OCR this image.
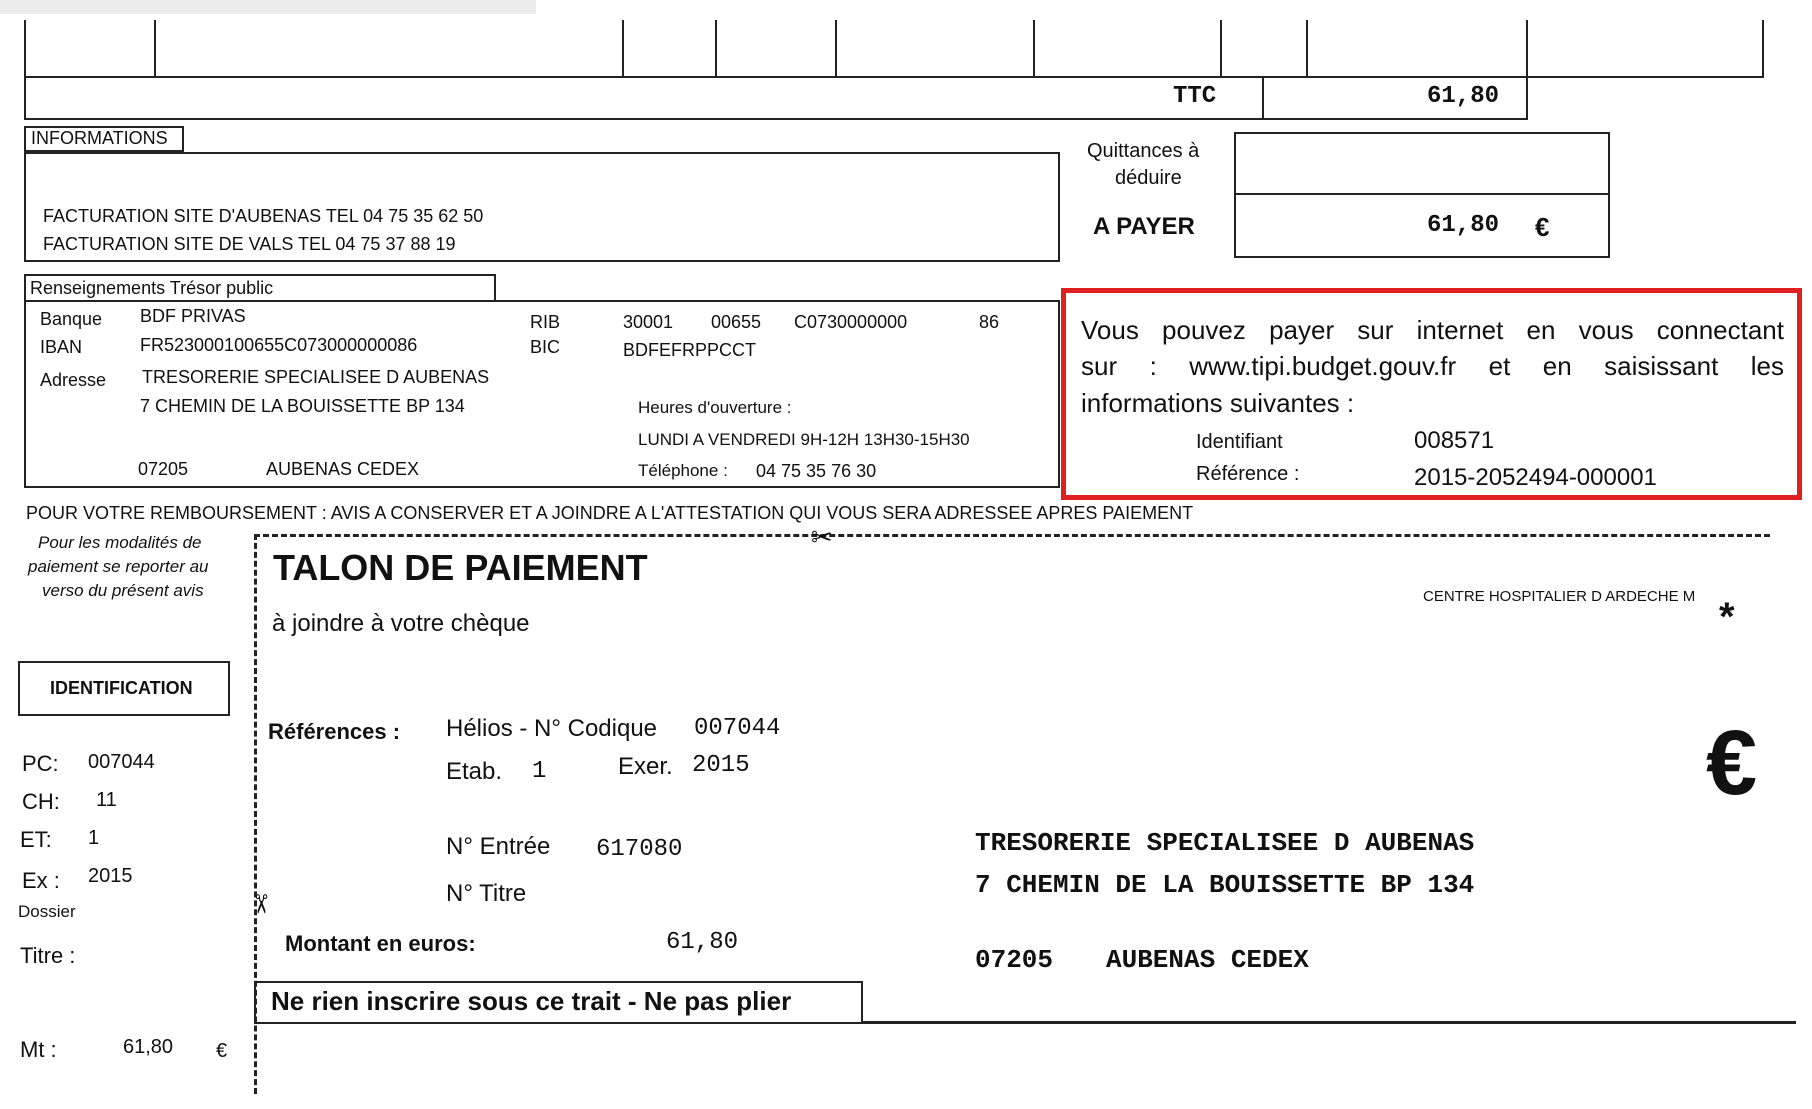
TTC	61,80
INFORMATIONS
FACTURATION SITE D'AUBENAS TEL 04 75 35 62 50
FACTURATION SITE DE VALS TEL 04 75 37 88 19
Quittances à
déduire
A PAYER	61,80 €
Renseignements Trésor public
Banque BDF PRIVAS
IBAN	FR523000100655C073000000086
Adresse TRESORERIE SPECIALISEE D AUBENAS
7 CHEMIN DE LA BOUISSETTE BP 134
07205	AUBENAS CEDEX
RIB	30001 00655 C0730000000	86
BIC	BDFEFRPPCCT
Heures d'ouverture :
LUNDI A VENDREDI 9H-12H 13H30-15H30
Téléphone : 04 75 35 76 30
Vous pouvez payer sur internet en vous connectant
sur : www.tipi.budget.gouv.fr et en saisissant les
informations suivantes :
Identifiant	008571
Référence :	2015-2052494-000001
POUR VOTRE REMBOURSEMENT : AVIS A CONSERVER ET A JOINDRE A L'ATTESTATION QUI VOUS SERA ADRESSEE APRES PAIEMENT
Pour les modalités de
paiement se reporter au
verso du présent avis
IDENTIFICATION
PC: 007044
CH: 11
ET: 1
Ex : 2015
Dossier
Titre :
Mt :	61,80 €
✂
✂
TALON DE PAIEMENT
à joindre à votre chèque
CENTRE HOSPITALIER D ARDECHE M *
Références : Hélios - N° Codique 007044
Etab. 1	Exer. 2015
N° Entrée 617080
N° Titre
Montant en euros:	61,80
€
TRESORERIE SPECIALISEE D AUBENAS
7 CHEMIN DE LA BOUISSETTE BP 134
07205 AUBENAS CEDEX
Ne rien inscrire sous ce trait - Ne pas plier
